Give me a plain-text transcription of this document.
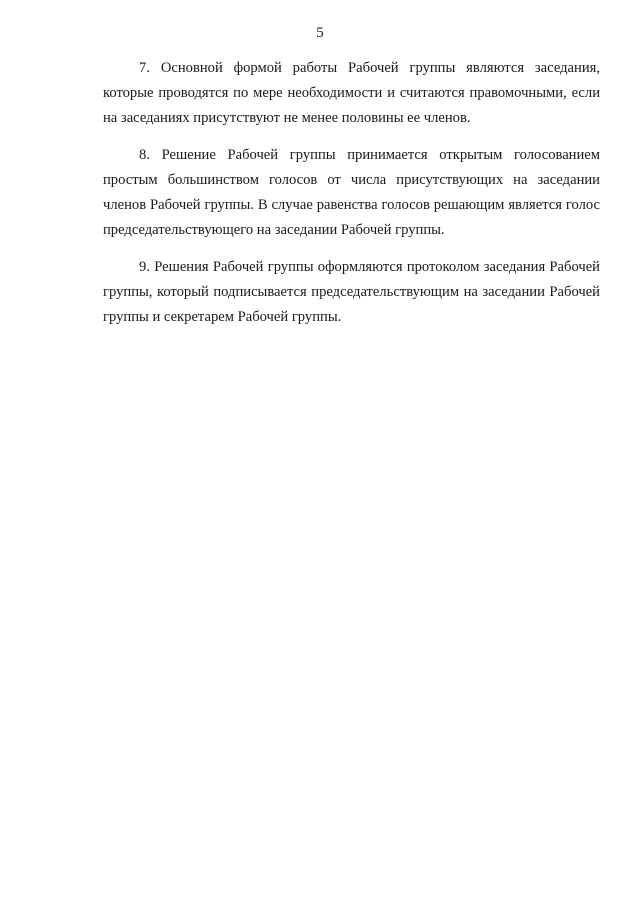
5

7. Основной формой работы Рабочей группы являются заседания, которые проводятся по мере необходимости и считаются правомочными, если на заседаниях присутствуют не менее половины ее членов.

8. Решение Рабочей группы принимается открытым голосованием простым большинством голосов от числа присутствующих на заседании членов Рабочей группы. В случае равенства голосов решающим является голос председательствующего на заседании Рабочей группы.

9. Решения Рабочей группы оформляются протоколом заседания Рабочей группы, который подписывается председательствующим на заседании Рабочей группы и секретарем Рабочей группы.
